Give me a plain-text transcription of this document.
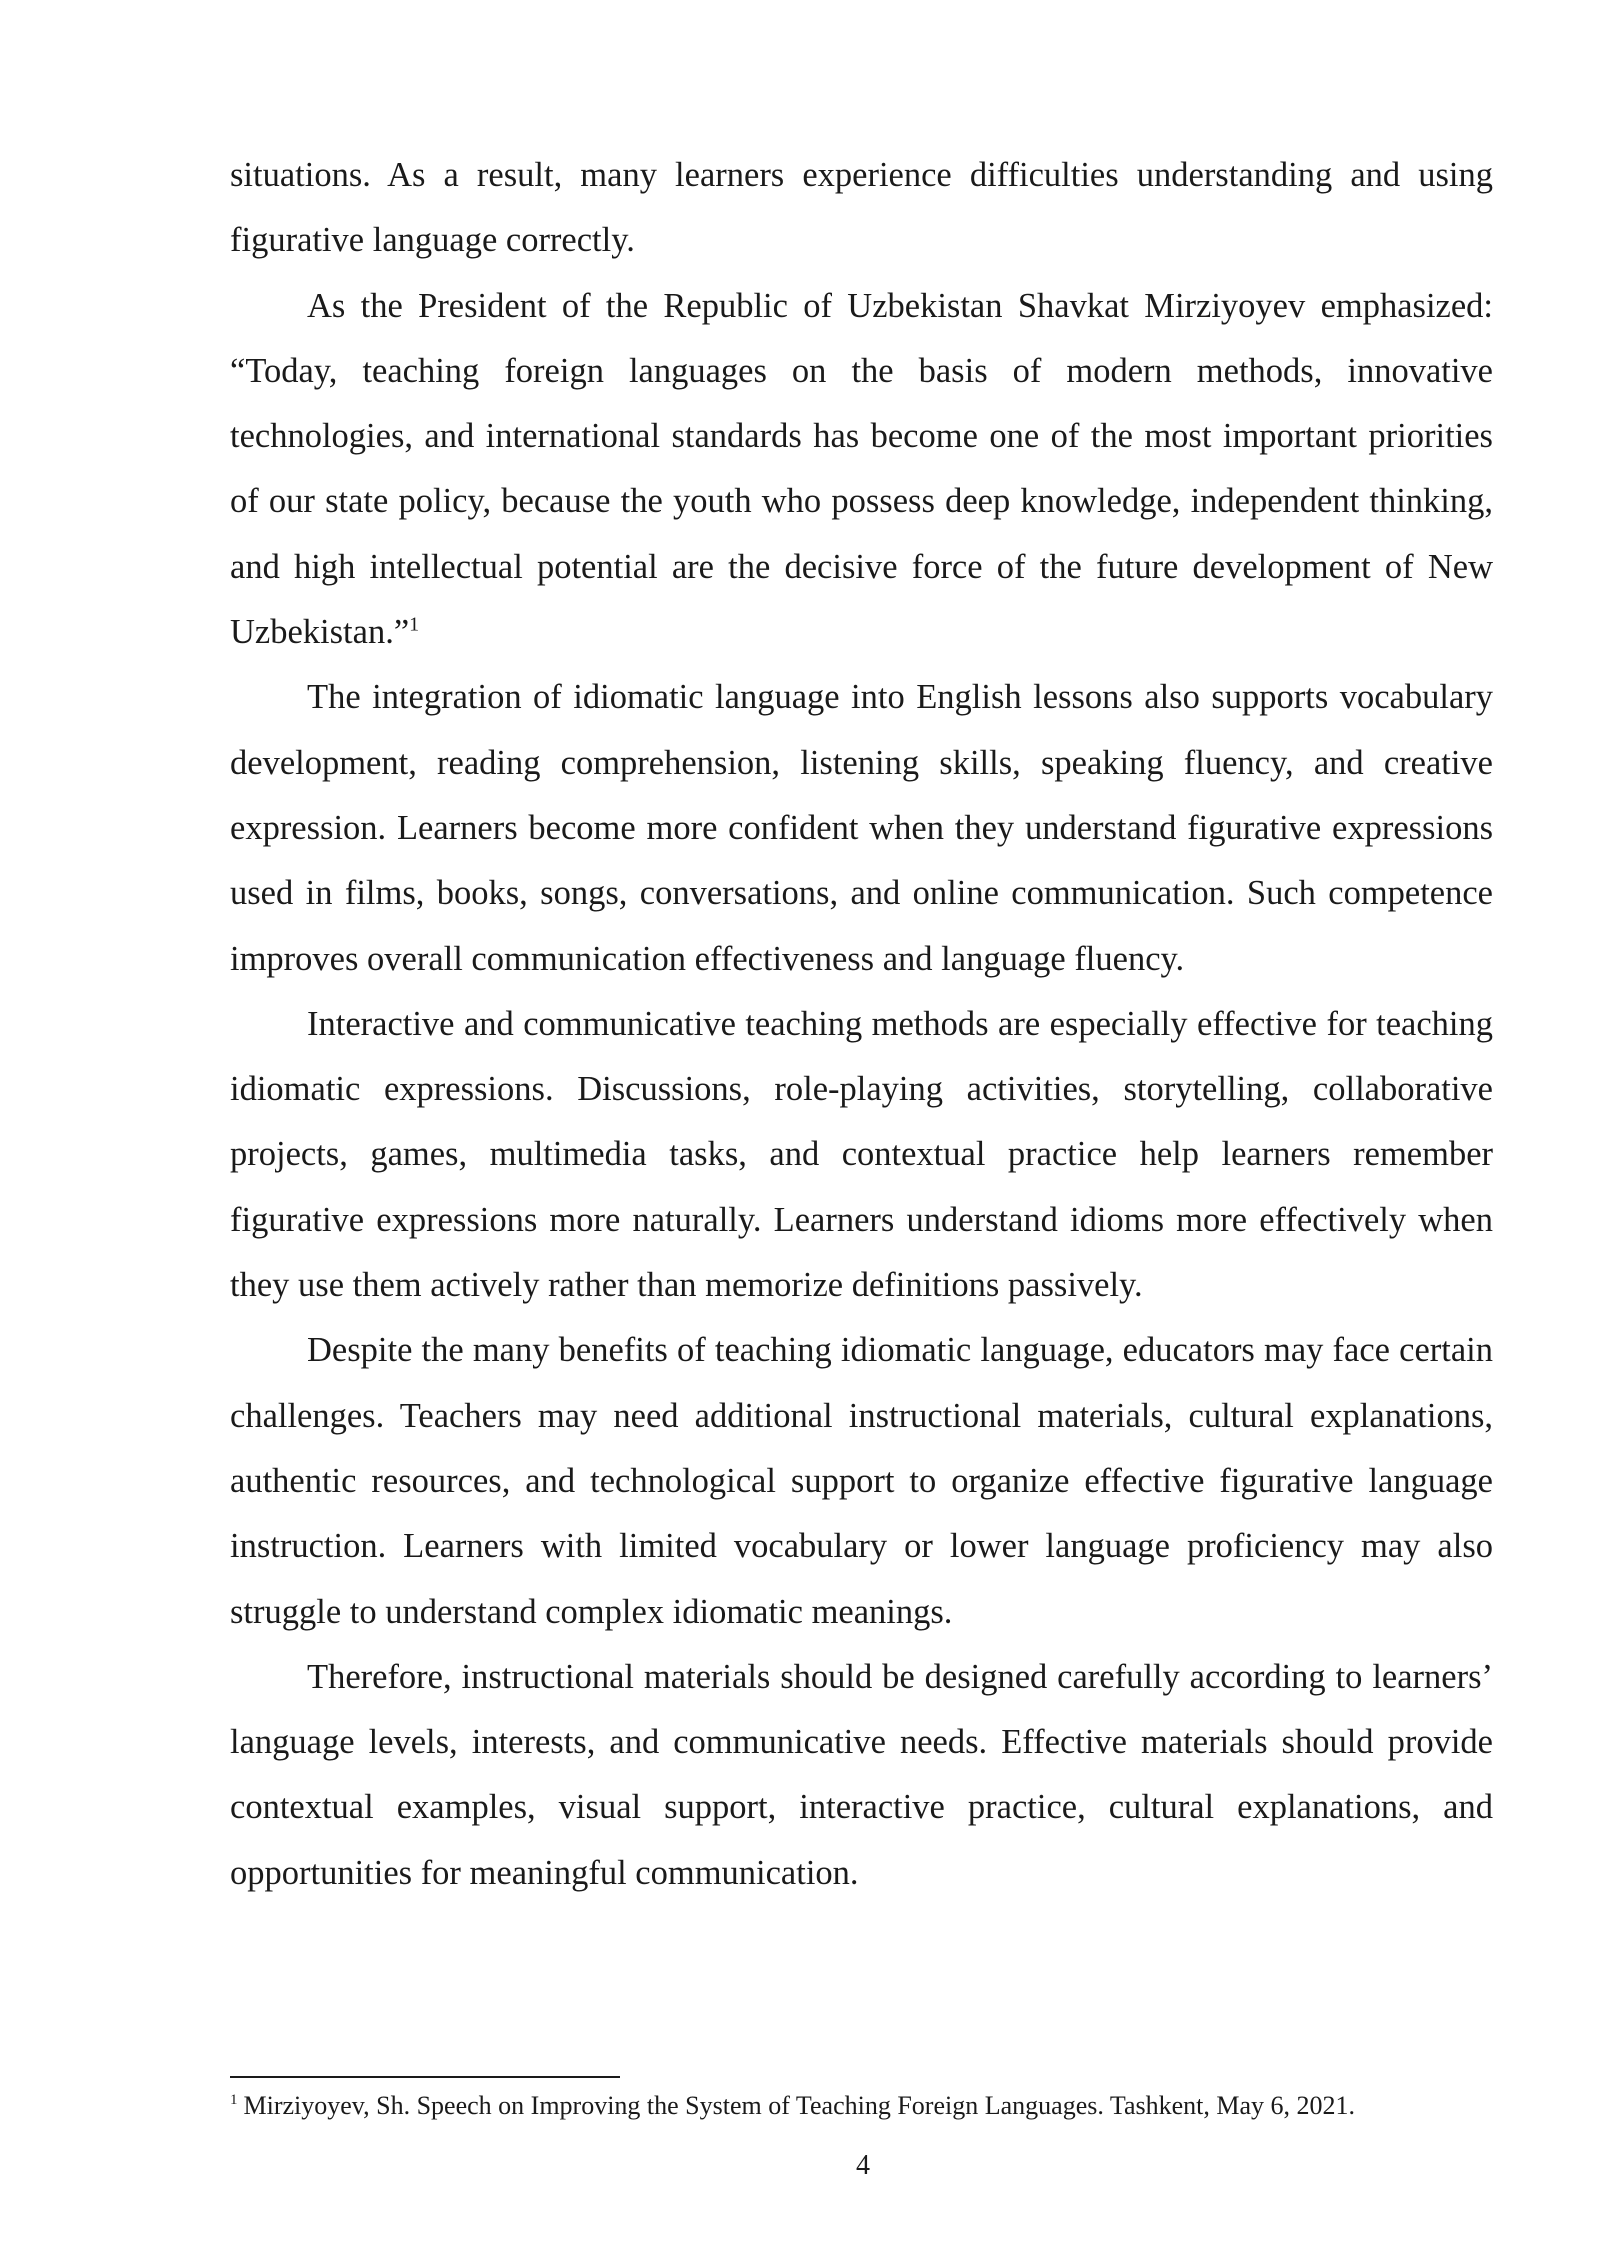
situations. As a result, many learners experience difficulties understanding and using figurative language correctly.

As the President of the Republic of Uzbekistan Shavkat Mirziyoyev emphasized: “Today, teaching foreign languages on the basis of modern methods, innovative technologies, and international standards has become one of the most important priorities of our state policy, because the youth who possess deep knowledge, independent thinking, and high intellectual potential are the decisive force of the future development of New Uzbekistan.”$^1$

The integration of idiomatic language into English lessons also supports vocabulary development, reading comprehension, listening skills, speaking fluency, and creative expression. Learners become more confident when they understand figurative expressions used in films, books, songs, conversations, and online communication. Such competence improves overall communication effectiveness and language fluency.

Interactive and communicative teaching methods are especially effective for teaching idiomatic expressions. Discussions, role-playing activities, storytelling, collaborative projects, games, multimedia tasks, and contextual practice help learners remember figurative expressions more naturally. Learners understand idioms more effectively when they use them actively rather than memorize definitions passively.

Despite the many benefits of teaching idiomatic language, educators may face certain challenges. Teachers may need additional instructional materials, cultural explanations, authentic resources, and technological support to organize effective figurative language instruction. Learners with limited vocabulary or lower language proficiency may also struggle to understand complex idiomatic meanings.

Therefore, instructional materials should be designed carefully according to learners’ language levels, interests, and communicative needs. Effective materials should provide contextual examples, visual support, interactive practice, cultural explanations, and opportunities for meaningful communication.

$^1$ Mirziyoyev, Sh. Speech on Improving the System of Teaching Foreign Languages. Tashkent, May 6, 2021.
4
